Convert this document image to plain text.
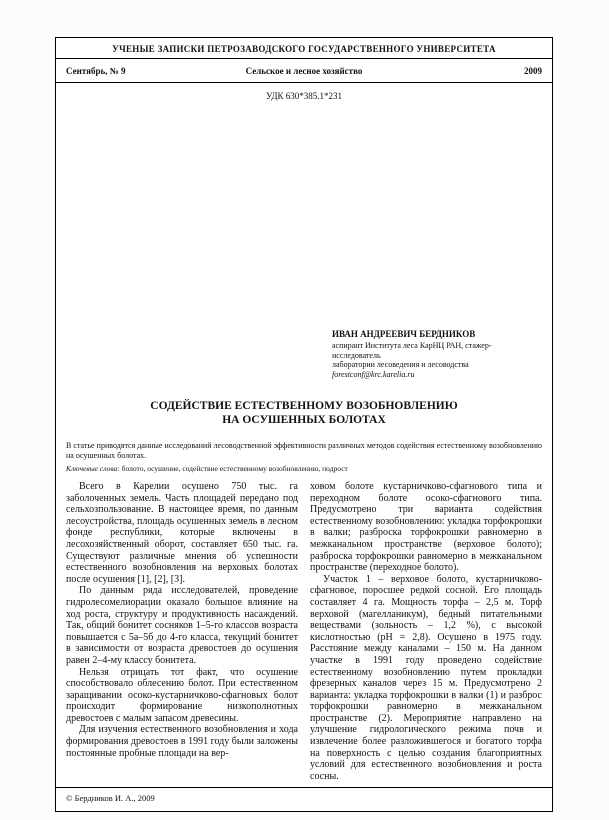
УЧЕНЫЕ ЗАПИСКИ ПЕТРОЗАВОДСКОГО ГОСУДАРСТВЕННОГО УНИВЕРСИТЕТА
Сентябрь, № 9	Сельское и лесное хозяйство	2009
УДК 630*385.1*231
ИВАН АНДРЕЕВИЧ БЕРДНИКОВ
аспирант Института леса КарНЦ РАН, стажер-исследователь
лаборатории лесоведения и лесоводства
forestconf@krc.karelia.ru
СОДЕЙСТВИЕ ЕСТЕСТВЕННОМУ ВОЗОБНОВЛЕНИЮ
НА ОСУШЕННЫХ БОЛОТАХ

В статье приводятся данные исследований лесоводственной эффективности различных методов содействия естественному возобновлению на осушенных болотах.

Ключевые слова: болото, осушение, содействие естественному возобновлению, подрост

Всего в Карелии осушено 750 тыс. га заболоченных земель. Часть площадей передано под сельхозпользование. В настоящее время, по данным лесоустройства, площадь осушенных земель в лесном фонде республики, которые включены в лесохозяйственный оборот, составляет 650 тыс. га. Существуют различные мнения об успешности естественного возобновления на верховых болотах после осушения [1], [2], [3].

По данным ряда исследователей, проведение гидролесомелиорации оказало большое влияние на ход роста, структуру и продуктивность насаждений. Так, общий бонитет сосняков 1–5-го классов возраста повышается с 5а–5б до 4-го класса, текущий бонитет в зависимости от возраста древостоев до осушения равен 2–4-му классу бонитета.

Нельзя отрицать тот факт, что осушение способствовало облесению болот. При естественном заращивании осоко-кустарничково-сфагновых болот происходит формирование низкополнотных древостоев с малым запасом древесины.

Для изучения естественного возобновления и хода формирования древостоев в 1991 году были заложены постоянные пробные площади на вер-

ховом болоте кустарничково-сфагнового типа и переходном болоте осоко-сфагнового типа. Предусмотрено три варианта содействия естественному возобновлению: укладка торфокрошки в валки; разброска торфокрошки равномерно в межканальном пространстве (верховое болото); разброска торфокрошки равномерно в межканальном пространстве (переходное болото).

Участок 1 – верховое болото, кустарничково-сфагновое, поросшее редкой сосной. Его площадь составляет 4 га. Мощность торфа – 2,5 м. Торф верховой (магелланикум), бедный питательными веществами (зольность – 1,2 %), с высокой кислотностью (рН = 2,8). Осушено в 1975 году. Расстояние между каналами – 150 м. На данном участке в 1991 году проведено содействие естественному возобновлению путем прокладки фрезерных каналов через 15 м. Предусмотрено 2 варианта: укладка торфокрошки в валки (1) и разброс торфокрошки равномерно в межканальном пространстве (2). Мероприятие направлено на улучшение гидрологического режима почв и извлечение более разложившегося и богатого торфа на поверхность с целью создания благоприятных условий для естественного возобновления и роста сосны.

© Бердников И. А., 2009
